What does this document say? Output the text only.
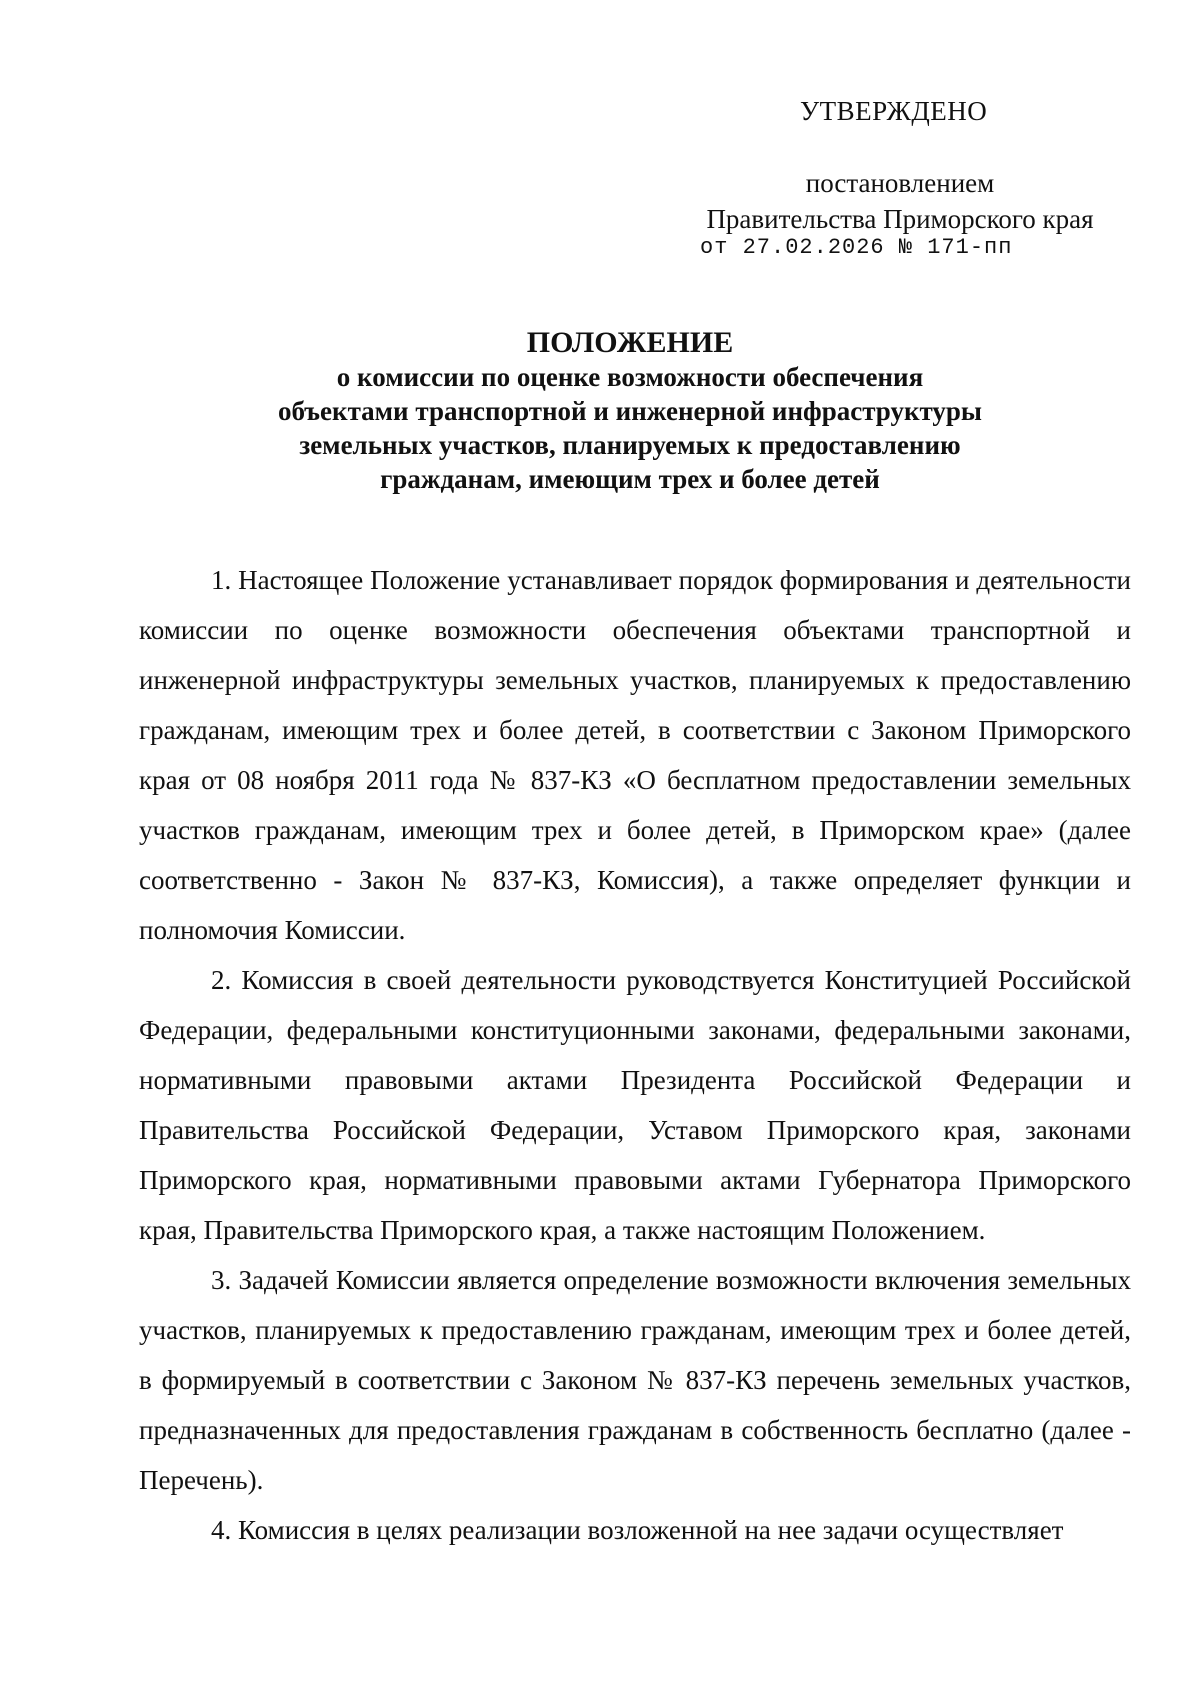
УТВЕРЖДЕНО
постановлением
Правительства Приморского края
от 27.02.2026 № 171-пп
ПОЛОЖЕНИЕ
о комиссии по оценке возможности обеспечения
объектами транспортной и инженерной инфраструктуры
земельных участков, планируемых к предоставлению
гражданам, имеющим трех и более детей

1. Настоящее Положение устанавливает порядок формирования и деятельности комиссии по оценке возможности обеспечения объектами транспортной и инженерной инфраструктуры земельных участков, планируемых к предоставлению гражданам, имеющим трех и более детей, в соответствии с Законом Приморского края от 08 ноября 2011 года № 837-КЗ «О бесплатном предоставлении земельных участков гражданам, имеющим трех и более детей, в Приморском крае» (далее соответственно - Закон № 837-КЗ, Комиссия), а также определяет функции и полномочия Комиссии.

2. Комиссия в своей деятельности руководствуется Конституцией Российской Федерации, федеральными конституционными законами, федеральными законами, нормативными правовыми актами Президента Российской Федерации и Правительства Российской Федерации, Уставом Приморского края, законами Приморского края, нормативными правовыми актами Губернатора Приморского края, Правительства Приморского края, а также настоящим Положением.

3. Задачей Комиссии является определение возможности включения земельных участков, планируемых к предоставлению гражданам, имеющим трех и более детей, в формируемый в соответствии с Законом № 837-КЗ перечень земельных участков, предназначенных для предоставления гражданам в собственность бесплатно (далее - Перечень).

4. Комиссия в целях реализации возложенной на нее задачи осуществляет
